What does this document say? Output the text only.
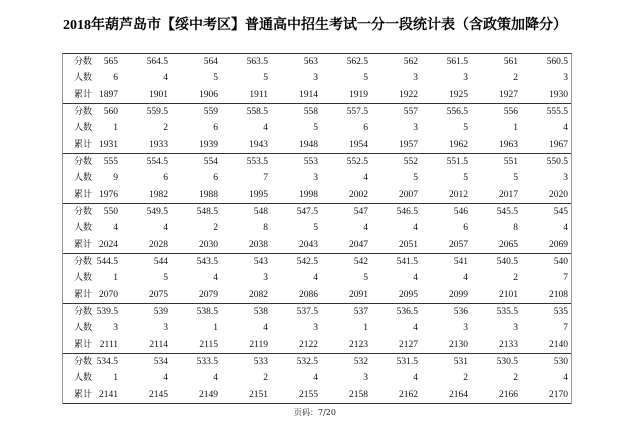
2018年葫芦岛市【绥中考区】普通高中招生考试一分一段统计表（含政策加降分）
分数	565	564.5	564	563.5	563	562.5	562	561.5	561	560.5
人数	6	4	5	5	3	5	3	3	2	3
累计 1897	1901	1906	1911	1914	1919	1922	1925	1927	1930
分数	560	559.5	559	558.5	558	557.5	557	556.5	556	555.5
人数	1	2	6	4	5	6	3	5	1	4
累计 1931	1933	1939	1943	1948	1954	1957	1962	1963	1967
分数	555	554.5	554	553.5	553	552.5	552	551.5	551	550.5
人数	9	6	6	7	3	4	5	5	5	3
累计 1976	1982	1988	1995	1998	2002	2007	2012	2017	2020
分数	550	549.5	548.5	548	547.5	547	546.5	546	545.5	545
人数	4	4	2	8	5	4	4	6	8	4
累计 2024	2028	2030	2038	2043	2047	2051	2057	2065	2069
分数 544.5	544	543.5	543	542.5	542	541.5	541	540.5	540
人数	1	5	4	3	4	5	4	4	2	7
累计 2070	2075	2079	2082	2086	2091	2095	2099	2101	2108
分数 539.5	539	538.5	538	537.5	537	536.5	536	535.5	535
人数	3	3	1	4	3	1	4	3	3	7
累计 2111	2114	2115	2119	2122	2123	2127	2130	2133	2140
分数 534.5	534	533.5	533	532.5	532	531.5	531	530.5	530
人数	1	4	4	2	4	3	4	2	2	4
累计 2141	2145	2149	2151	2155	2158	2162	2164	2166	2170
页码：7/20
